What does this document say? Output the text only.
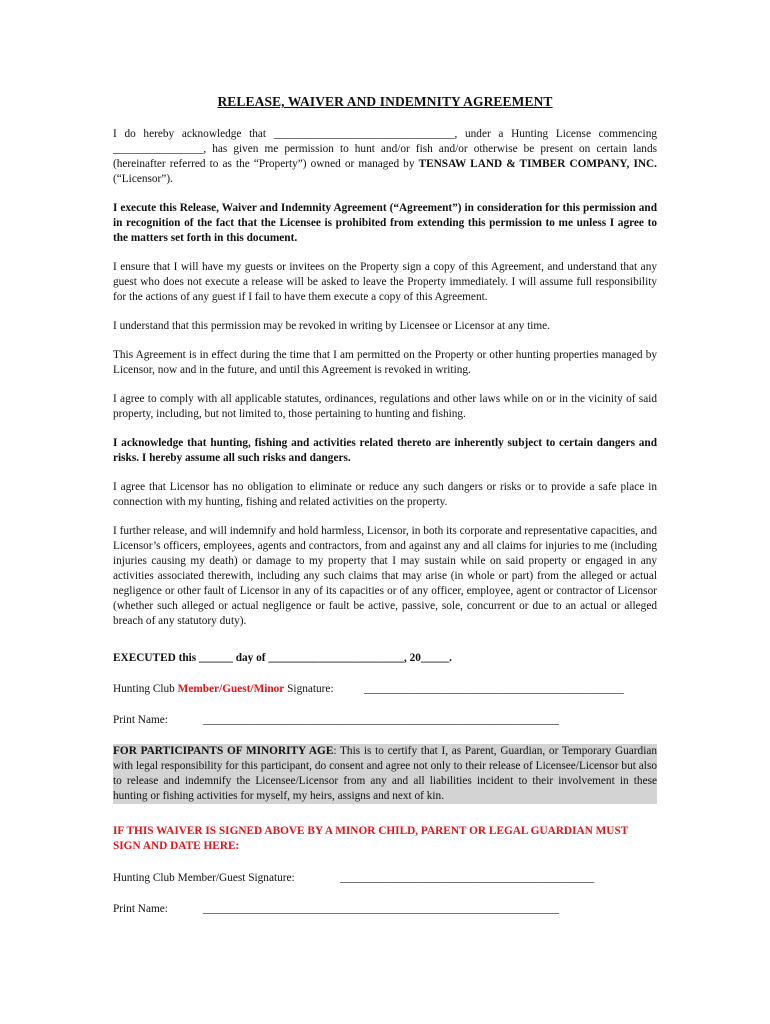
RELEASE, WAIVER AND INDEMNITY AGREEMENT

I do hereby acknowledge that ________________________________, under a Hunting License commencing ________________, has given me permission to hunt and/or fish and/or otherwise be present on certain lands (hereinafter referred to as the “Property”) owned or managed by TENSAW LAND & TIMBER COMPANY, INC. (“Licensor”).

I execute this Release, Waiver and Indemnity Agreement (“Agreement”) in consideration for this permission and in recognition of the fact that the Licensee is prohibited from extending this permission to me unless I agree to the matters set forth in this document.

I ensure that I will have my guests or invitees on the Property sign a copy of this Agreement, and understand that any guest who does not execute a release will be asked to leave the Property immediately. I will assume full responsibility for the actions of any guest if I fail to have them execute a copy of this Agreement.

I understand that this permission may be revoked in writing by Licensee or Licensor at any time.

This Agreement is in effect during the time that I am permitted on the Property or other hunting properties managed by Licensor, now and in the future, and until this Agreement is revoked in writing.

I agree to comply with all applicable statutes, ordinances, regulations and other laws while on or in the vicinity of said property, including, but not limited to, those pertaining to hunting and fishing.

I acknowledge that hunting, fishing and activities related thereto are inherently subject to certain dangers and risks. I hereby assume all such risks and dangers.

I agree that Licensor has no obligation to eliminate or reduce any such dangers or risks or to provide a safe place in connection with my hunting, fishing and related activities on the property.

I further release, and will indemnify and hold harmless, Licensor, in both its corporate and representative capacities, and Licensor’s officers, employees, agents and contractors, from and against any and all claims for injuries to me (including injuries causing my death) or damage to my property that I may sustain while on said property or engaged in any activities associated therewith, including any such claims that may arise (in whole or part) from the alleged or actual negligence or other fault of Licensor in any of its capacities or of any officer, employee, agent or contractor of Licensor (whether such alleged or actual negligence or fault be active, passive, sole, concurrent or due to an actual or alleged breach of any statutory duty).

EXECUTED this ______ day of ________________________, 20_____.
Hunting Club Member/Guest/Minor Signature:	______________________________________________
Print Name:	_______________________________________________________________
FOR PARTICIPANTS OF MINORITY AGE: This is to certify that I, as Parent, Guardian, or Temporary Guardian with legal responsibility for this participant, do consent and agree not only to their release of Licensee/Licensor but also to release and indemnify the Licensee/Licensor from any and all liabilities incident to their involvement in these hunting or fishing activities for myself, my heirs, assigns and next of kin.
IF THIS WAIVER IS SIGNED ABOVE BY A MINOR CHILD, PARENT OR LEGAL GUARDIAN MUST SIGN AND DATE HERE:
Hunting Club Member/Guest Signature:	_____________________________________________
Print Name:	_______________________________________________________________
